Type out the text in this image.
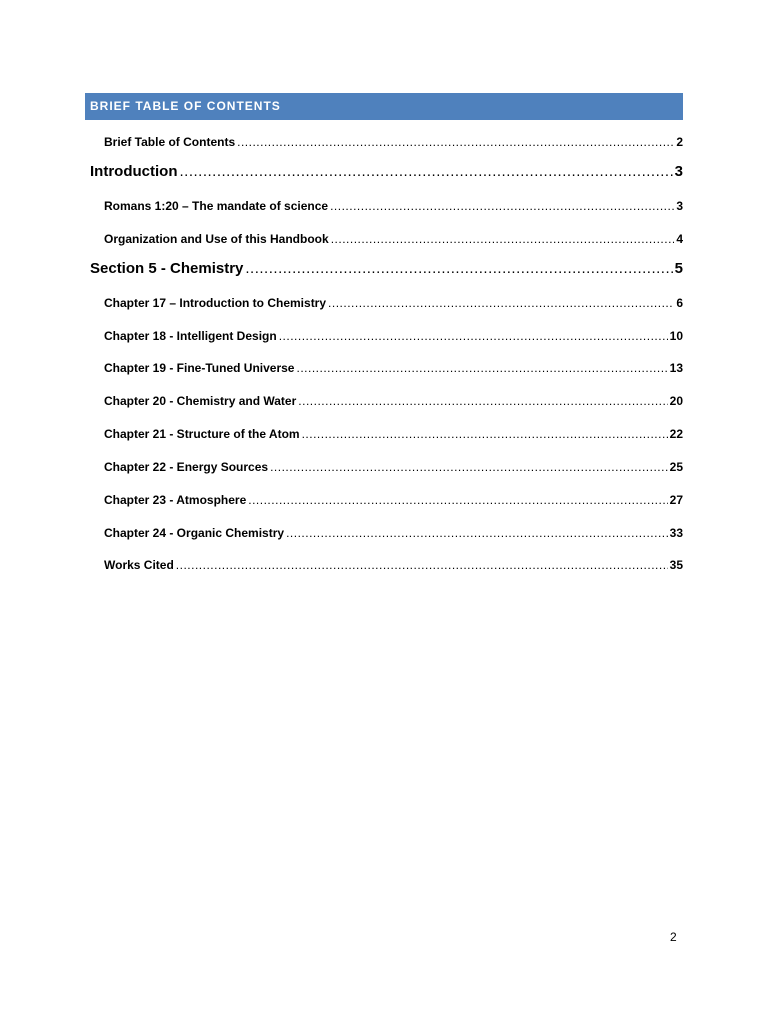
BRIEF TABLE OF CONTENTS
Brief Table of Contents .....	2
Introduction .....	3
Romans 1:20 – The mandate of science .....	3
Organization and Use of this Handbook .....	4
Section 5 - Chemistry .....	5
Chapter 17 – Introduction to Chemistry .....	6
Chapter 18 - Intelligent Design .....	10
Chapter 19 - Fine-Tuned Universe .....	13
Chapter 20 - Chemistry and Water .....	20
Chapter 21 - Structure of the Atom .....	22
Chapter 22 - Energy Sources .....	25
Chapter 23 - Atmosphere .....	27
Chapter 24 - Organic Chemistry .....	33
Works Cited .....	35
2
